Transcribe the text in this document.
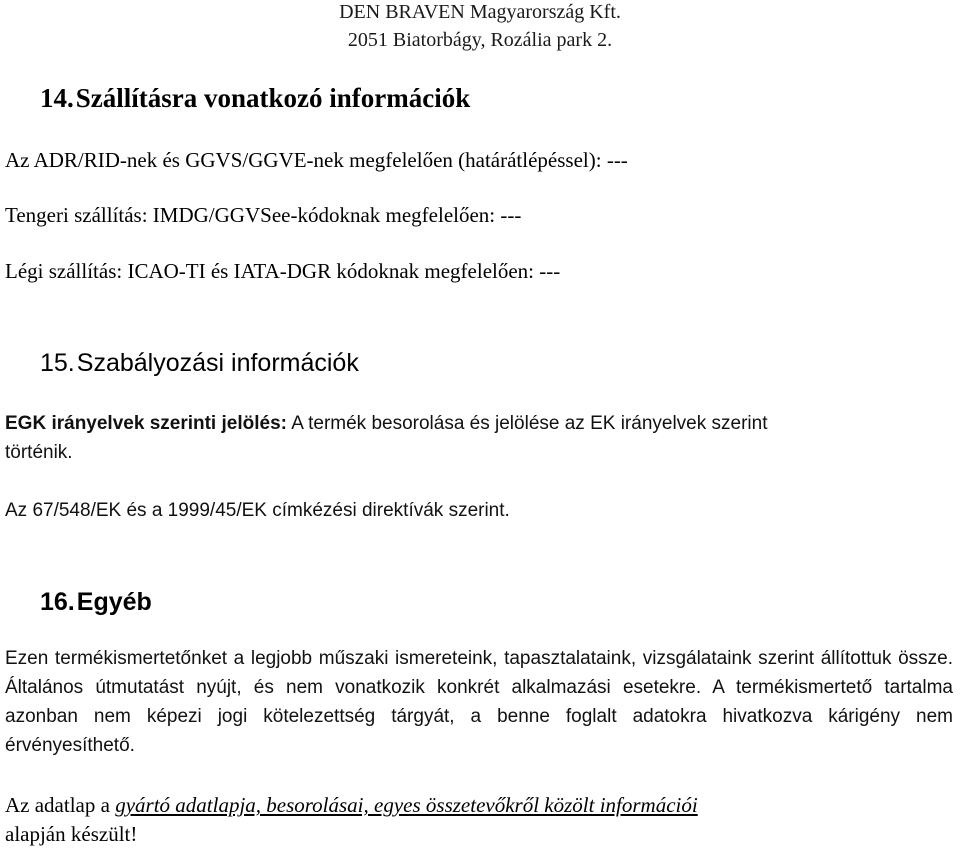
DEN BRAVEN Magyarország Kft.
2051 Biatorbágy, Rozália park 2.
14.Szállításra vonatkozó információk
Az ADR/RID-nek és GGVS/GGVE-nek megfelelően (határátlépéssel): ---
Tengeri szállítás: IMDG/GGVSee-kódoknak megfelelően: ---
Légi szállítás: ICAO-TI és IATA-DGR kódoknak megfelelően: ---
15.Szabályozási információk
EGK irányelvek szerinti jelölés: A termék besorolása és jelölése az EK irányelvek szerint
történik.
Az 67/548/EK és a 1999/45/EK címkézési direktívák szerint.
16.Egyéb
Ezen termékismertetőnket a legjobb műszaki ismereteink, tapasztalataink, vizsgálataink szerint állítottuk össze. Általános útmutatást nyújt, és nem vonatkozik konkrét alkalmazási esetekre. A termékismertető tartalma azonban nem képezi jogi kötelezettség tárgyát, a benne foglalt adatokra hivatkozva kárigény nem érvényesíthető.
Az adatlap a gyártó adatlapja, besorolásai, egyes összetevőkről közölt információi
alapján készült!
